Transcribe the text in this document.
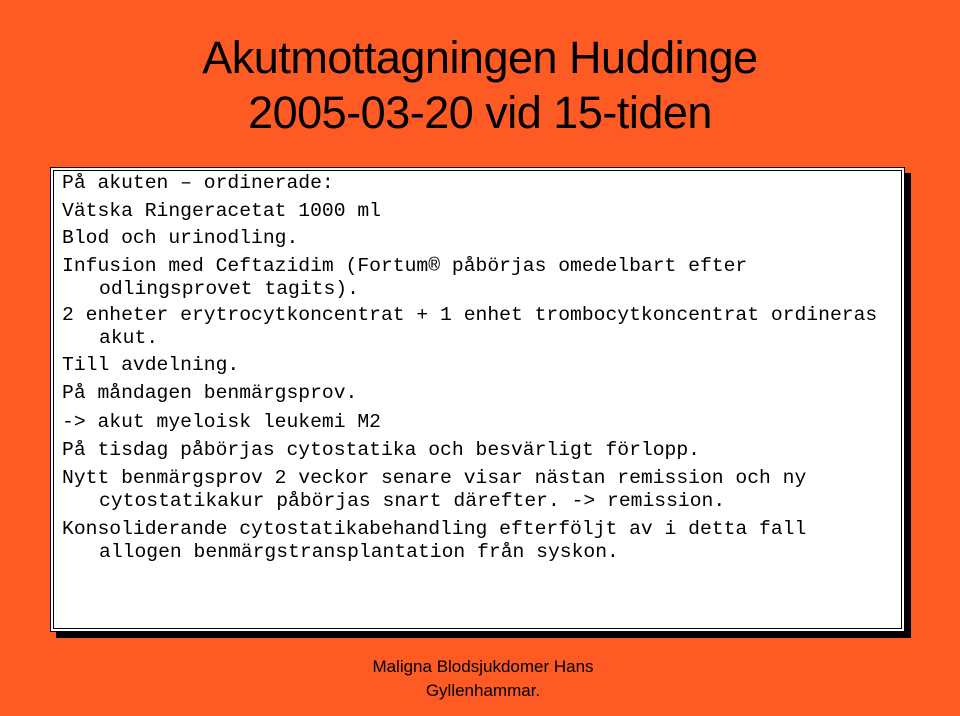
Akutmottagningen Huddinge
2005-03-20 vid 15-tiden
På akuten – ordinerade:
Vätska Ringeracetat 1000 ml
Blod och urinodling.
Infusion med Ceftazidim (Fortum® påbörjas omedelbart efter odlingsprovet tagits).
2 enheter erytrocytkoncentrat + 1 enhet trombocytkoncentrat ordineras akut.
Till avdelning.
På måndagen benmärgsprov.
-> akut myeloisk leukemi M2
På tisdag påbörjas cytostatika och besvärligt förlopp.
Nytt benmärgsprov 2 veckor senare visar nästan remission och ny cytostatikakur påbörjas snart därefter. -> remission.
Konsoliderande cytostatikabehandling efterföljt av i detta fall allogen benmärgstransplantation från syskon.
Maligna Blodsjukdomer Hans
Gyllenhammar.
